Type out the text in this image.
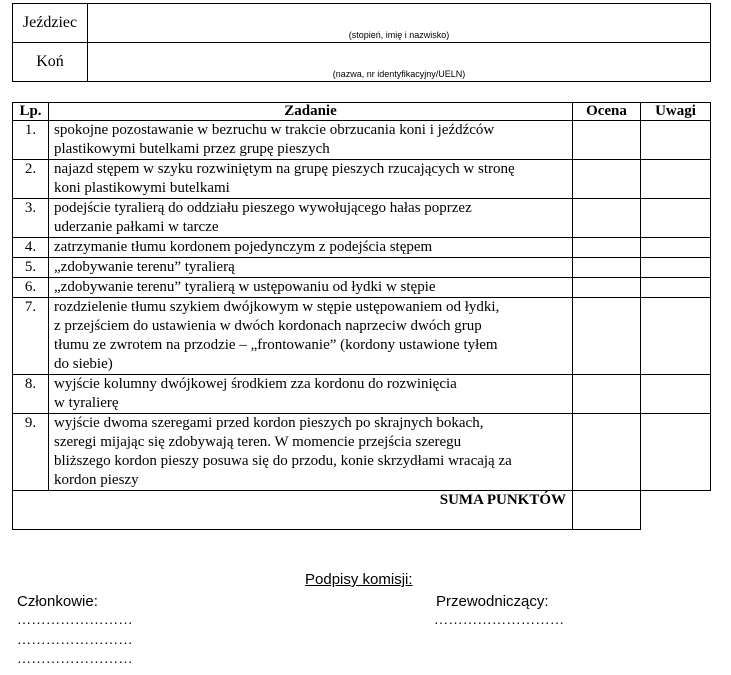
Jeździec	(stopień, imię i nazwisko)

Koń	(nazwa, nr identyfikacyjny/UELN)
Lp.	Zadanie	Ocena	Uwagi
1.	spokojne pozostawanie w bezruchu w trakcie obrzucania koni i jeźdźców
plastikowymi butelkami przez grupę pieszych		

2.	najazd stępem w szyku rozwiniętym na grupę pieszych rzucających w stronę
koni plastikowymi butelkami		

3.	podejście tyralierą do oddziału pieszego wywołującego hałas poprzez
uderzanie pałkami w tarcze		

4.	zatrzymanie tłumu kordonem pojedynczym z podejścia stępem		

5.	„zdobywanie terenu” tyralierą		

6.	„zdobywanie terenu” tyralierą w ustępowaniu od łydki w stępie		

7.	rozdzielenie tłumu szykiem dwójkowym w stępie ustępowaniem od łydki,
z przejściem do ustawienia w dwóch kordonach naprzeciw dwóch grup
tłumu ze zwrotem na przodzie – „frontowanie” (kordony ustawione tyłem
do siebie)		

8.	wyjście kolumny dwójkowej środkiem zza kordonu do rozwinięcia
w tyralierę		

9.	wyjście dwoma szeregami przed kordon pieszych po skrajnych bokach,
szeregi mijając się zdobywają teren. W momencie przejścia szeregu
bliższego kordon pieszy posuwa się do przodu, konie skrzydłami wracają za
kordon pieszy		

SUMA PUNKTÓW			
Podpisy komisji:
Członkowie:	Przewodniczący:
……………………
……………………
……………………
………………………
